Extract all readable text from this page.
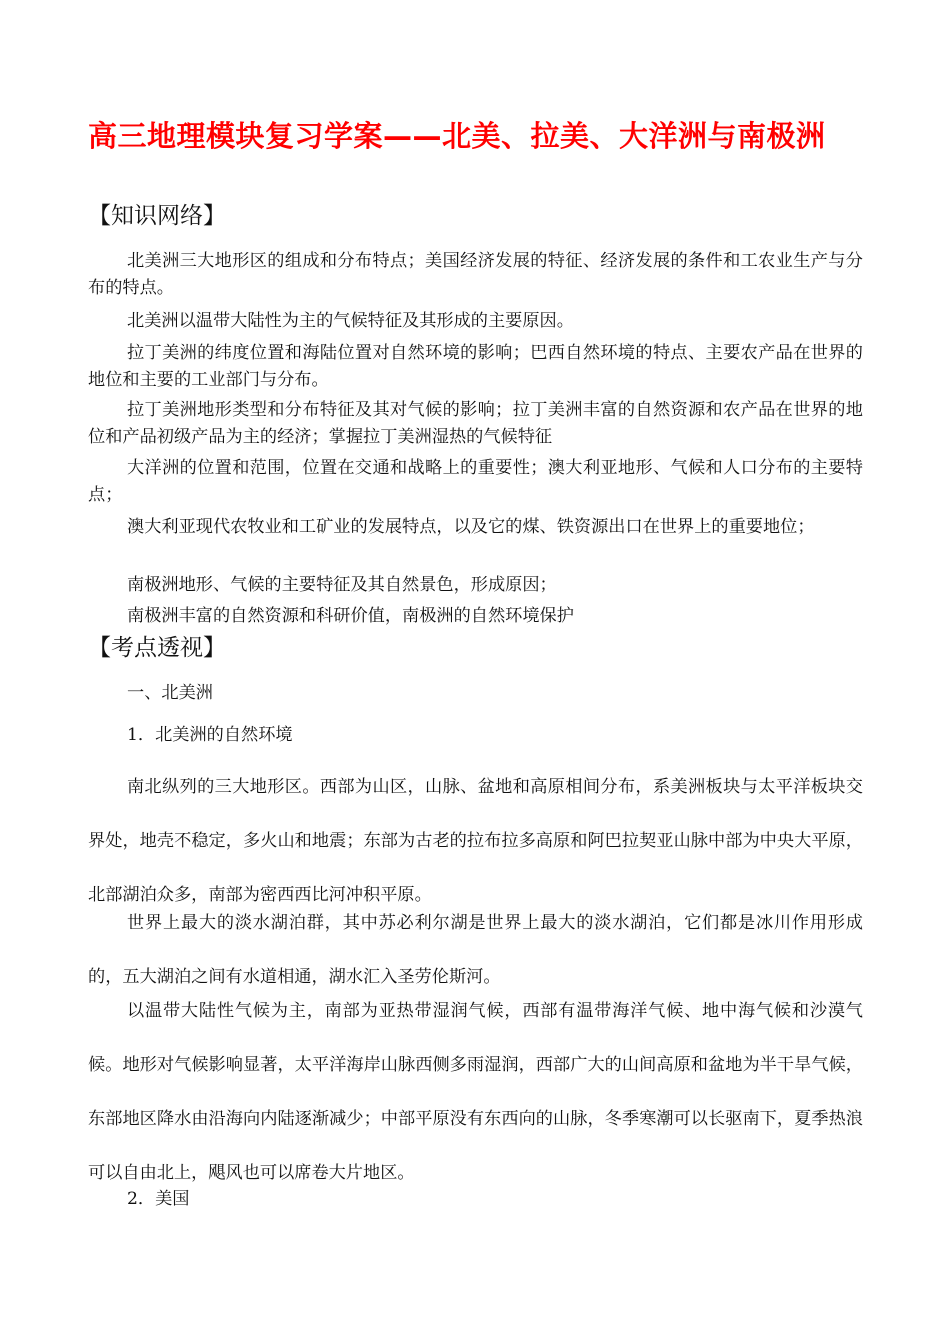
高三地理模块复习学案——北美、拉美、大洋洲与南极洲
【知识网络】

北美洲三大地形区的组成和分布特点；美国经济发展的特征、经济发展的条件和工农业生产与分布的特点。

北美洲以温带大陆性为主的气候特征及其形成的主要原因。

拉丁美洲的纬度位置和海陆位置对自然环境的影响；巴西自然环境的特点、主要农产品在世界的地位和主要的工业部门与分布。

拉丁美洲地形类型和分布特征及其对气候的影响；拉丁美洲丰富的自然资源和农产品在世界的地位和产品初级产品为主的经济；掌握拉丁美洲湿热的气候特征

大洋洲的位置和范围，位置在交通和战略上的重要性；澳大利亚地形、气候和人口分布的主要特点；

澳大利亚现代农牧业和工矿业的发展特点，以及它的煤、铁资源出口在世界上的重要地位；

南极洲地形、气候的主要特征及其自然景色，形成原因；

南极洲丰富的自然资源和科研价值，南极洲的自然环境保护

【考点透视】
一、北美洲
1．北美洲的自然环境

南北纵列的三大地形区。西部为山区，山脉、盆地和高原相间分布，系美洲板块与太平洋板块交界处，地壳不稳定，多火山和地震；东部为古老的拉布拉多高原和阿巴拉契亚山脉中部为中央大平原，北部湖泊众多，南部为密西西比河冲积平原。

世界上最大的淡水湖泊群，其中苏必利尔湖是世界上最大的淡水湖泊，它们都是冰川作用形成的，五大湖泊之间有水道相通，湖水汇入圣劳伦斯河。

以温带大陆性气候为主，南部为亚热带湿润气候，西部有温带海洋气候、地中海气候和沙漠气候。地形对气候影响显著，太平洋海岸山脉西侧多雨湿润，西部广大的山间高原和盆地为半干旱气候，东部地区降水由沿海向内陆逐渐减少；中部平原没有东西向的山脉，冬季寒潮可以长驱南下，夏季热浪可以自由北上，飓风也可以席卷大片地区。

2．美国
